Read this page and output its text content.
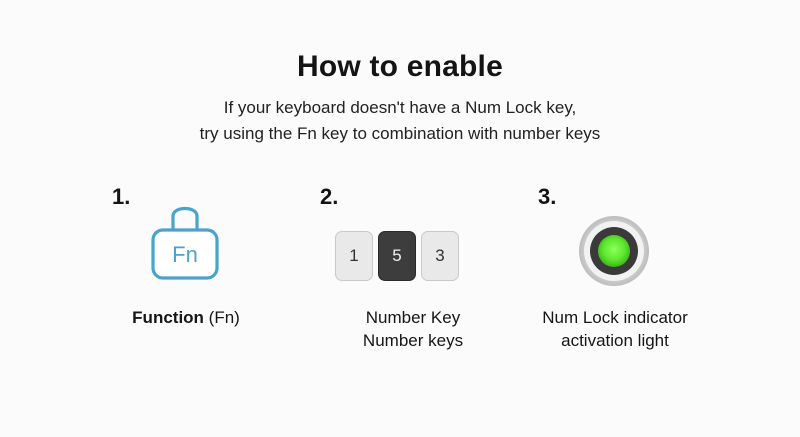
How to enable
If your keyboard doesn't have a Num Lock key,
try using the Fn key to combination with number keys
1.
Fn
Function (Fn)
2.
1	5	3
Number Key
Number keys
3.
Num Lock indicator
activation light
